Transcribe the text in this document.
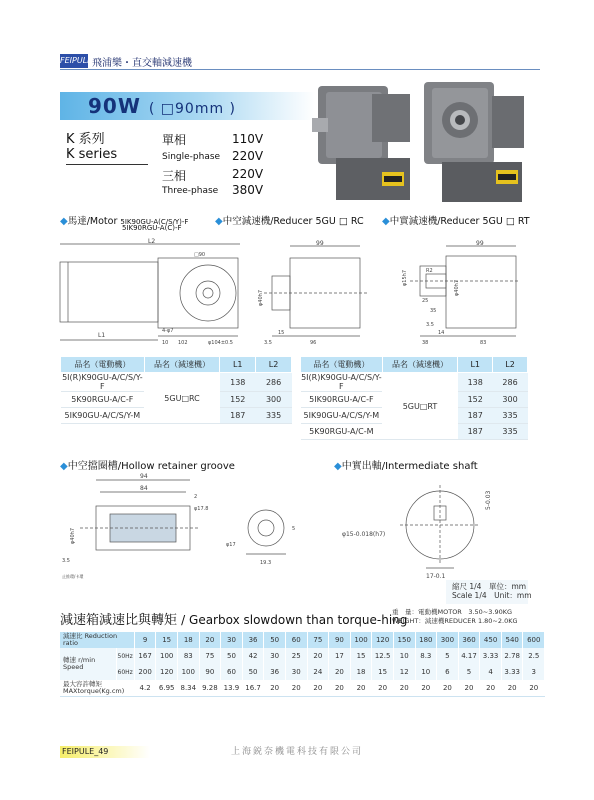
FEIPULE 飛浦樂・直交軸減速機
90W ( □90mm )
K 系列
K series
單相
Single-phase
110V
220V
三相
Three-phase
220V
380V
◆馬達/Motor 5IK90GU-A(C/S/Y)-F
5IK90RGU-A(C)-F
◆中空減速機/Reducer 5GU □ RC ◆中實減速機/Reducer 5GU □ RT
L2
L1
4-φ7
102
10	φ104±0.5
□90
99
φ40h7
3.5	96
15
99
φ15h7
φ40h7
R2
25
35
3.5
14
83
38
品名（電動機）	品名（減速機）	L1	L2
5I(R)K90GU-A/C/S/Y-F	5GU□RC	138	286
5K90RGU-A/C-F		152	300
5IK90GU-A/C/S/Y-M		187	335
品名（電動機）	品名（減速機）	L1	L2
5I(R)K90GU-A/C/S/Y-F	5GU□RT	138	286
5IK90RGU-A/C-F		152	300
5IK90GU-A/C/S/Y-M		187	335
5K90RGU-A/C-M		187	335
◆中空擋圈槽/Hollow retainer groove	◆中實出軸/Intermediate shaft
94
84
2
φ17.8
φ40h7
3.5
φ17
19.3
5
止推環/卡環
φ15-0.018(h7)
17-0.1
5-0.03
縮尺 1/4　單位：mm
Scale 1/4　Unit：mm
重　量：電動機MOTOR　3.50~3.90KG
WEIGHT：減速機REDUCER 1.80~2.0KG
減速箱減速比與轉矩 / Gearbox slowdown than torque-hing
減速比 Reduction ratio		9	15	18	20	30	36	50	60	75	90	100	120	150	180	300	360	450	540	600
轉速 r/min Speed	50Hz	167	100	83	75	50	42	30	25	20	17	15	12.5	10	8.3	5	4.17	3.33	2.78	2.5
	60Hz	200	120	100	90	60	50	36	30	24	20	18	15	12	10	6	5	4	3.33	3
最大容許轉矩 MAXtorque(Kg.cm)		4.2	6.95	8.34	9.28	13.9	16.7	20	20	20	20	20	20	20	20	20	20	20	20	20
上海鋭奈機電科技有限公司
FEIPULE_49
